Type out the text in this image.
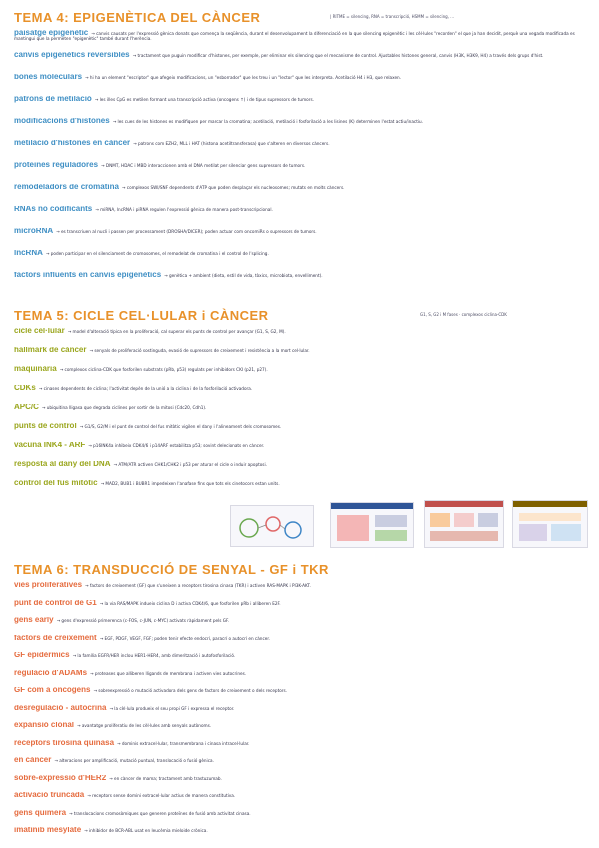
TEMA 4: EPIGENÈTICA DEL CÀNCER	| RITME = silencing, RNA = transcripció, HSMM = silencing, ...
paisatge epigenètic → canvis causats per l'expressió gènica donats que comença la seqüència, durant el desenvolupament la diferenciació en la que silencing epigenètic i les cèl·lules "recorden" el que ja han decidit, perquè una vegada modificada es mantingui que la permeten "epigenètic" també durant l'herència.
canvis epigenètics reversibles → tractament que puguin modificar d'histones, per exemple, per eliminar els silencing que el mecanisme de control. Ajustables histones general, canvis (H3K, H3K9, H4) a través dels grups d'hist.
bones moleculars → hi ha un element "escriptor" que afegeix modificacions, un "esborrador" que les treu i un "lector" que les interpreta. Acetilació H4 i H3, que relaxen.
patrons de metilació → les illes CpG es metilen formant una transcripció activa (oncogens ↑) i de tipus supressors de tumors.
modificacions d'histones → les cues de les histones es modifiquen per marcar la cromatina; acetilació, metilació i fosforilació a les lisines (K) determinen l'estat actiu/inactiu.
metilació d'histones en càncer → patrons com EZH2, MLL i HAT (histona acetiltransferasa) que s'alteren en diversos càncers.
proteïnes reguladores → DNMT, HDAC i MBD interaccionen amb el DNA metilat per silenciar gens supressors de tumors.
remodeladors de cromatina → complexos SWI/SNF dependents d'ATP que poden desplaçar els nucleosomes; mutats en molts càncers.
RNAs no codificants → miRNA, lncRNA i piRNA regulen l'expressió gènica de manera post-transcripcional.
microRNA → es transcriuen al nucli i passen per processament (DROSHA/DICER); poden actuar com oncomiRs o supressors de tumors.
lncRNA → poden participar en el silenciament de cromosomes, el remodelat de cromatina i el control de l'splicing.
factors influents en canvis epigenètics → genètica + ambient (dieta, estil de vida, tòxics, microbiota, envelliment).
TEMA 5: CICLE CEL·LULAR i CÀNCER	G1, S, G2 i M fases · complexos ciclina-CDK
cicle cel·lular → model d'alteració típica en la proliferació, cal superar els punts de control per avançar (G1, S, G2, M).
hallmark de càncer → senyals de proliferació sostinguda, evasió de supressors de creixement i resistència a la mort cel·lular.
maquinària → complexos ciclina-CDK que fosforilen substrats (pRb, p53) regulats per inhibidors CKI (p21, p27).
CDKs → cinases dependents de ciclina; l'activitat depèn de la unió a la ciclina i de la fosforilació activadora.
APC/C → ubiquitina lligasa que degrada ciclines per sortir de la mitosi (Cdc20, Cdh1).
punts de control → G1/S, G2/M i el punt de control del fus mitòtic vigilen el dany i l'alineament dels cromosomes.
vacuna INK4 - ARF → p16INK4a inhibeix CDK4/6 i p14ARF estabilitza p53; sovint delecionats en càncer.
resposta al dany del DNA → ATM/ATR activen CHK1/CHK2 i p53 per aturar el cicle o induir apoptosi.
control del fus mitòtic → MAD2, BUB1 i BUBR1 impedeixen l'anafase fins que tots els cinetocors estan units.
TEMA 6: TRANSDUCCIÓ DE SENYAL - GF i TKR
vies proliferatives → factors de creixement (GF) que s'uneixen a receptors tirosina cinasa (TKR) i activen RAS-MAPK i PI3K-AKT.
punt de control de G1 → la via RAS/MAPK indueix ciclina D i activa CDK4/6, que fosforilen pRb i alliberen E2F.
gens early → gens d'expressió primerenca (c-FOS, c-JUN, c-MYC) activats ràpidament pels GF.
factors de creixement → EGF, PDGF, VEGF, FGF; poden tenir efecte endocrí, paracrí o autocrí en càncer.
GF epidèrmics → la família EGFR/HER inclou HER1-HER4, amb dimerització i autofosforilació.
regulació d'ADAMs → proteases que alliberen lligands de membrana i activen vies autocrines.
GF com a oncogens → sobreexpressió o mutació activadora dels gens de factors de creixement o dels receptors.
desregulació - autocrina → la cèl·lula produeix el seu propi GF i expressa el receptor.
expansió clonal → avantatge proliferatiu de les cèl·lules amb senyals autònoms.
receptors tirosina quinasa → dominis extracel·lular, transmembrana i cinasa intracel·lular.
en càncer → alteracions per amplificació, mutació puntual, translocació o fusió gènica.
sobre-expressió d'HER2 → en càncer de mama; tractament amb trastuzumab.
activació truncada → receptors sense domini extracel·lular actius de manera constitutiva.
gens quimera → translocacions cromosòmiques que generen proteïnes de fusió amb activitat cinasa.
imatinib mesylate → inhibidor de BCR-ABL usat en leucèmia mieloide crònica.
